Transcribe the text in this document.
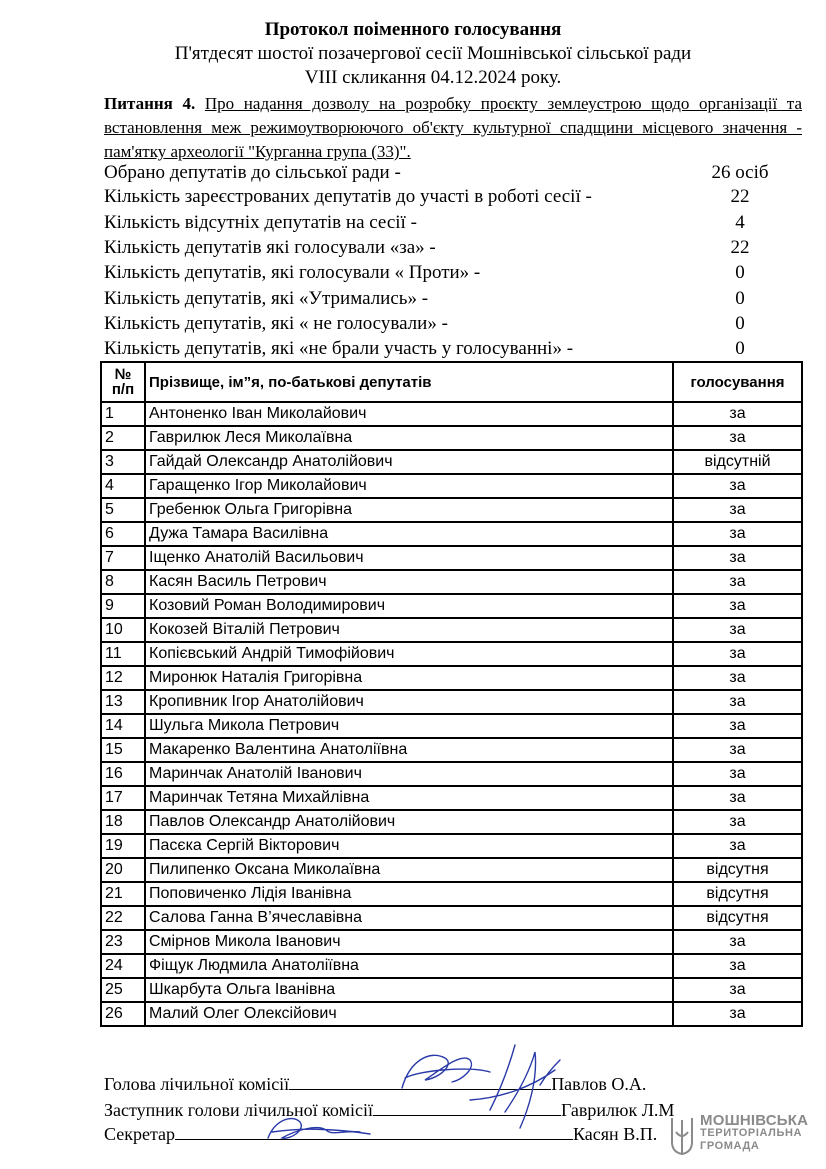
Протокол поіменного голосування
П'ятдесят шостої позачергової сесії Мошнівської сільської ради
VIII скликання 04.12.2024 року.
Питання 4. Про надання дозволу на розробку проєкту землеустрою щодо організації та встановлення меж режимоутворюючого об'єкту культурної спадщини місцевого значення - пам'ятку археології "Курганна група (33)".
Обрано депутатів до сільської ради -	26 осіб
Кількість зареєстрованих депутатів до участі в роботі сесії -	22
Кількість відсутніх депутатів на сесії -	4
Кількість депутатів які голосували «за» -	22
Кількість депутатів, які голосували « Проти» -	0
Кількість депутатів, які «Утримались» -	0
Кількість депутатів, які « не голосували» -	0
Кількість депутатів, які «не брали участь у голосуванні» -	0
№
п/п	Прізвище, ім”я, по-батькові депутатів	голосування
1	Антоненко Іван Миколайович	за
2	Гаврилюк Леся Миколаївна	за
3	Гайдай Олександр Анатолійович	відсутній
4	Гаращенко Ігор Миколайович	за
5	Гребенюк Ольга Григорівна	за
6	Дужа Тамара Василівна	за
7	Іщенко Анатолій Васильович	за
8	Касян Василь Петрович	за
9	Козовий Роман Володимирович	за
10	Кокозей Віталій Петрович	за
11	Копієвський Андрій Тимофійович	за
12	Миронюк Наталія Григорівна	за
13	Кропивник Ігор Анатолійович	за
14	Шульга Микола Петрович	за
15	Макаренко Валентина Анатоліївна	за
16	Маринчак Анатолій Іванович	за
17	Маринчак Тетяна Михайлівна	за
18	Павлов Олександр Анатолійович	за
19	Пасєка Сергій Вікторович	за
20	Пилипенко Оксана Миколаївна	відсутня
21	Поповиченко Лідія Іванівна	відсутня
22	Салова Ганна В’ячеславівна	відсутня
23	Смірнов Микола Іванович	за
24	Фіщук Людмила Анатоліївна	за
25	Шкарбута Ольга Іванівна	за
26	Малий Олег Олексійович	за
Голова лічильної комісії	Павлов О.А.
Заступник голови лічильної комісії	Гаврилюк Л.М
Секретар	Касян В.П.
МОШНІВСЬКА
ТЕРИТОРІАЛЬНА
ГРОМАДА
